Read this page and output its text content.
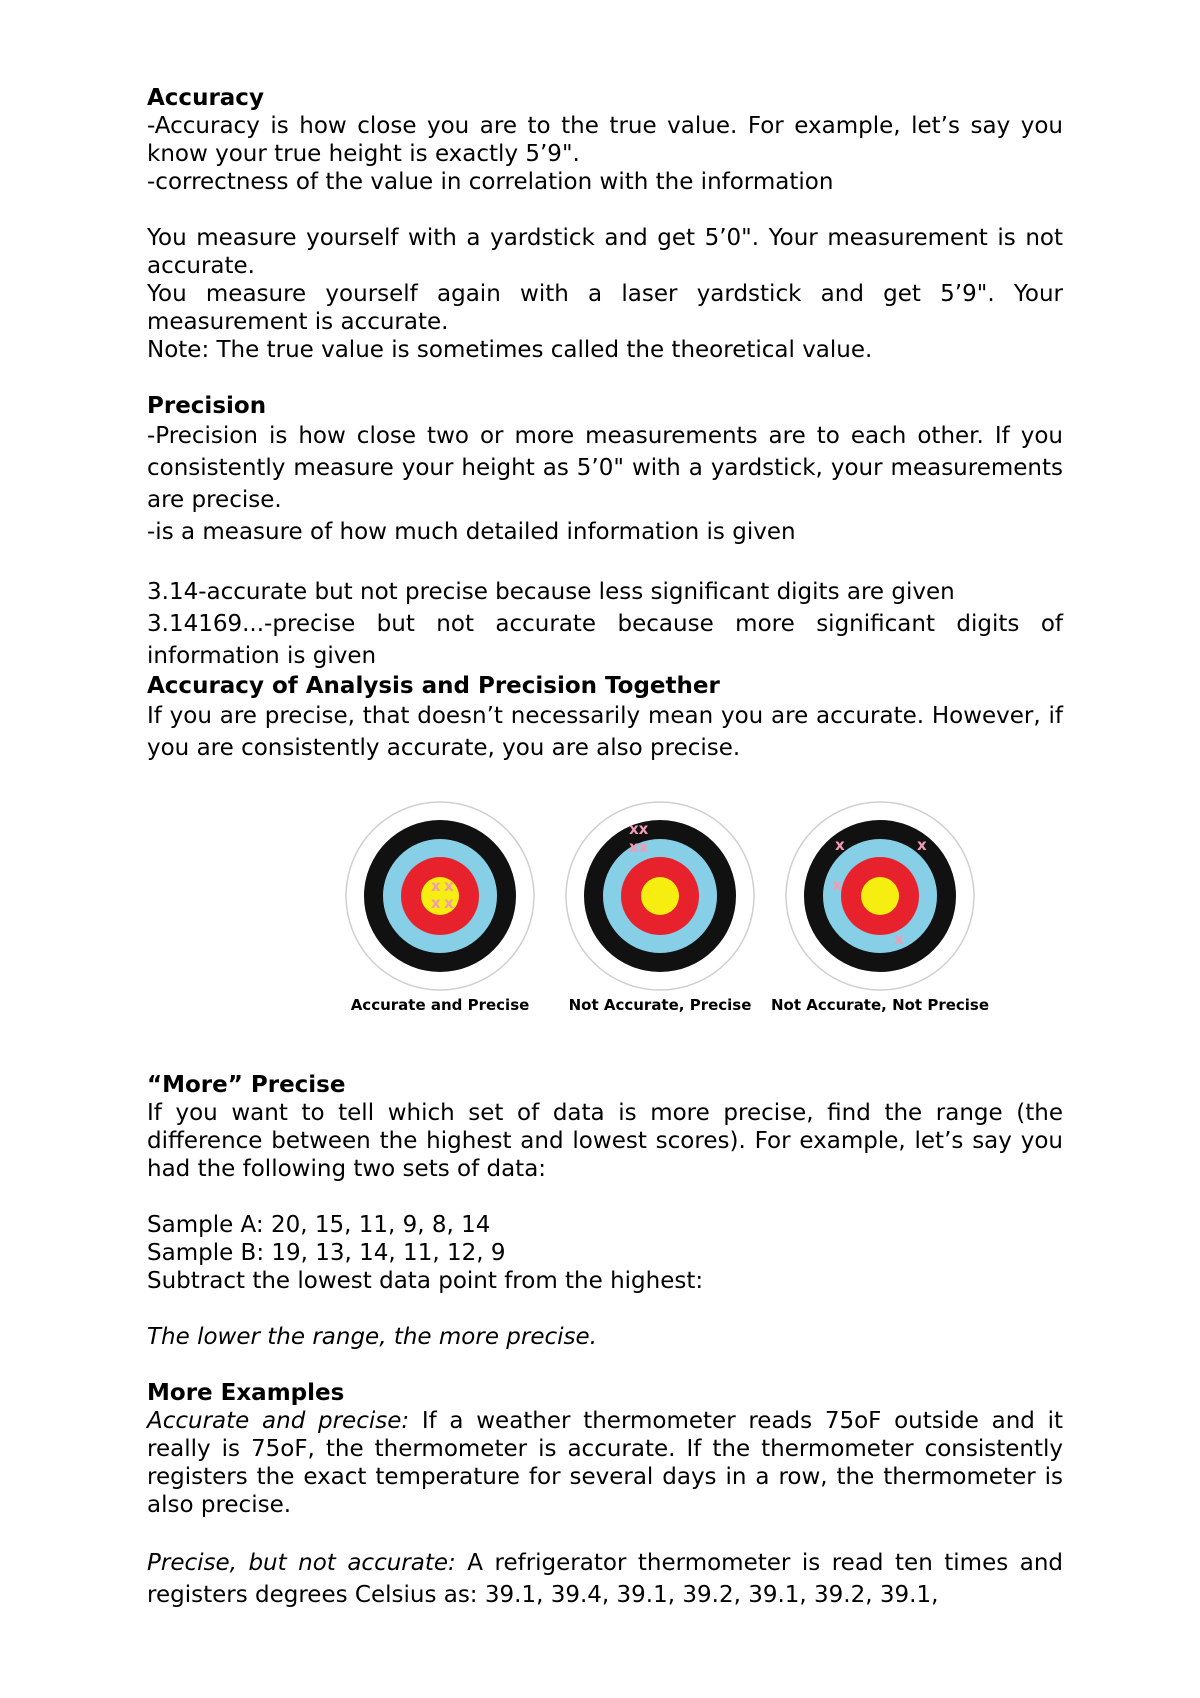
Accuracy

-Accuracy is how close you are to the true value. For example, let’s say you know your true height is exactly 5’9".

-correctness of the value in correlation with the information

You measure yourself with a yardstick and get 5’0". Your measurement is not accurate.

You measure yourself again with a laser yardstick and get 5’9". Your measurement is accurate.

Note: The true value is sometimes called the theoretical value.

Precision

-Precision is how close two or more measurements are to each other. If you consistently measure your height as 5’0" with a yardstick, your measurements are precise.

-is a measure of how much detailed information is given

3.14-accurate but not precise because less significant digits are given

3.14169...-precise but not accurate because more significant digits of information is given

Accuracy of Analysis and Precision Together

If you are precise, that doesn’t necessarily mean you are accurate. However, if you are consistently accurate, you are also precise.

x x
x x
Accurate and Precise
xx
xx
Not Accurate, Precise
x	x
x
x
Not Accurate, Not Precise

“More” Precise

If you want to tell which set of data is more precise, find the range (the difference between the highest and lowest scores). For example, let’s say you had the following two sets of data:

Sample A: 20, 15, 11, 9, 8, 14

Sample B: 19, 13, 14, 11, 12, 9

Subtract the lowest data point from the highest:

The lower the range, the more precise.

More Examples

Accurate and precise: If a weather thermometer reads 75oF outside and it really is 75oF, the thermometer is accurate. If the thermometer consistently registers the exact temperature for several days in a row, the thermometer is also precise.

Precise, but not accurate: A refrigerator thermometer is read ten times and registers degrees Celsius as: 39.1, 39.4, 39.1, 39.2, 39.1, 39.2, 39.1,
